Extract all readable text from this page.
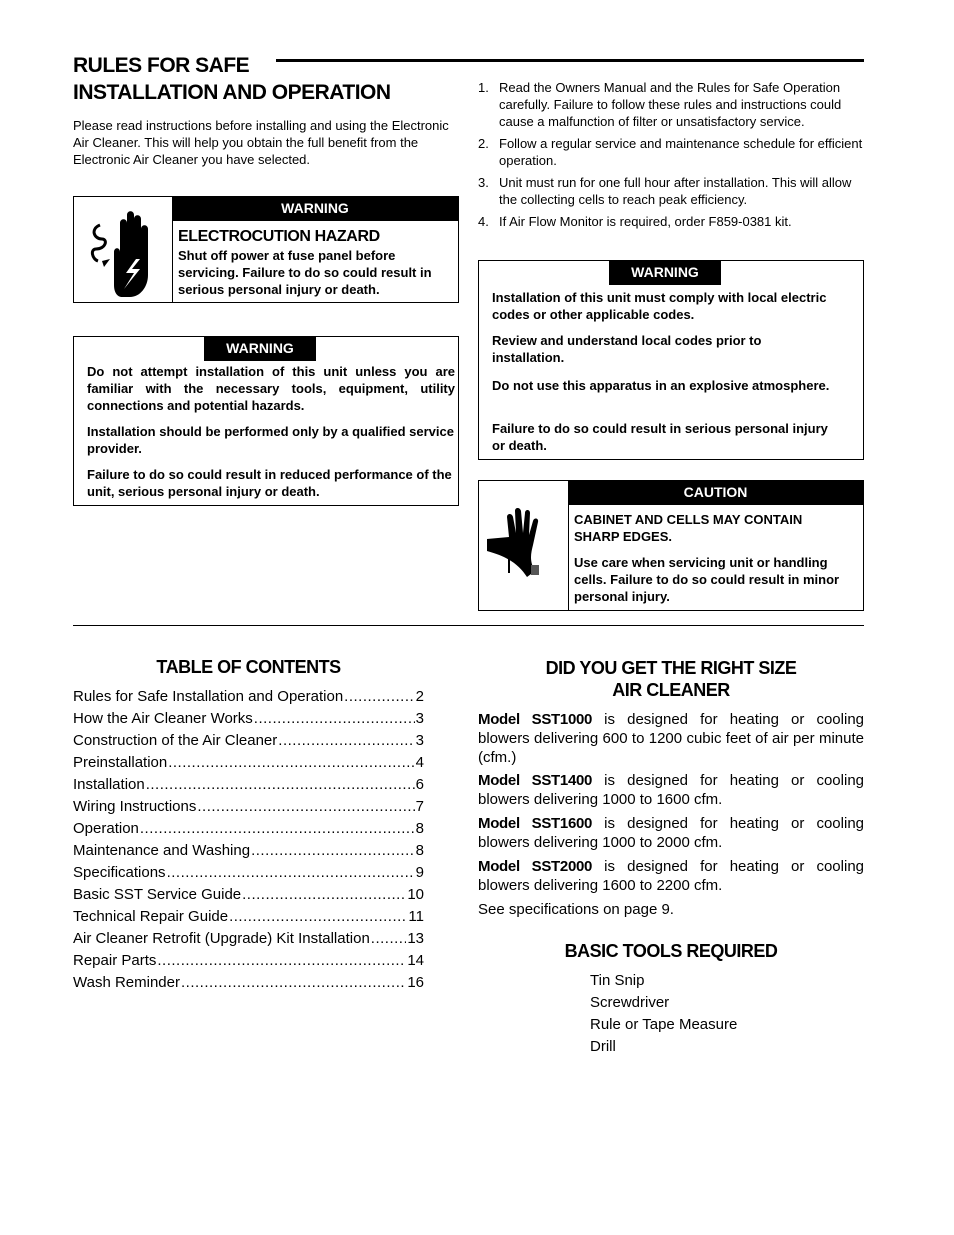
RULES FOR SAFE
INSTALLATION AND OPERATION
Please read instructions before installing and using the Electronic Air Cleaner. This will help you obtain the full benefit from the Electronic Air Cleaner you have selected.
WARNING
ELECTROCUTION HAZARD
Shut off power at fuse panel before servicing. Failure to do so could result in serious personal injury or death.
WARNING
Do not attempt installation of this unit unless you are familiar with the necessary tools, equipment, utility connections and potential hazards.
Installation should be performed only by a qualified service provider.
Failure to do so could result in reduced performance of the unit, serious personal injury or death.
1. Read the Owners Manual and the Rules for Safe Operation carefully. Failure to follow these rules and instructions could cause a malfunction of filter or unsatisfactory service.
2. Follow a regular service and maintenance schedule for efficient operation.
3. Unit must run for one full hour after installation. This will allow the collecting cells to reach peak efficiency.
4. If Air Flow Monitor is required, order F859-0381 kit.
WARNING
Installation of this unit must comply with local electric codes or other applicable codes.
Review and understand local codes prior to installation.
Do not use this apparatus in an explosive atmosphere.
Failure to do so could result in serious personal injury or death.
CAUTION
CABINET AND CELLS MAY CONTAIN SHARP EDGES.
Use care when servicing unit or handling cells. Failure to do so could result in minor personal injury.
TABLE OF CONTENTS
Rules for Safe Installation and Operation .....	2
How the Air Cleaner Works .....	3
Construction of the Air Cleaner .....	3
Preinstallation .....	4
Installation .....	6
Wiring Instructions .....	7
Operation .....	8
Maintenance and Washing .....	8
Specifications .....	9
Basic SST Service Guide .....	10
Technical Repair Guide .....	11
Air Cleaner Retrofit (Upgrade) Kit Installation .....	13
Repair Parts .....	14
Wash Reminder .....	16
DID YOU GET THE RIGHT SIZE
AIR CLEANER
Model SST1000 is designed for heating or cooling blowers delivering 600 to 1200 cubic feet of air per minute (cfm.)
Model SST1400 is designed for heating or cooling blowers delivering 1000 to 1600 cfm.
Model SST1600 is designed for heating or cooling blowers delivering 1000 to 2000 cfm.
Model SST2000 is designed for heating or cooling blowers delivering 1600 to 2200 cfm.
See specifications on page 9.
BASIC TOOLS REQUIRED
Tin Snip
Screwdriver
Rule or Tape Measure
Drill
